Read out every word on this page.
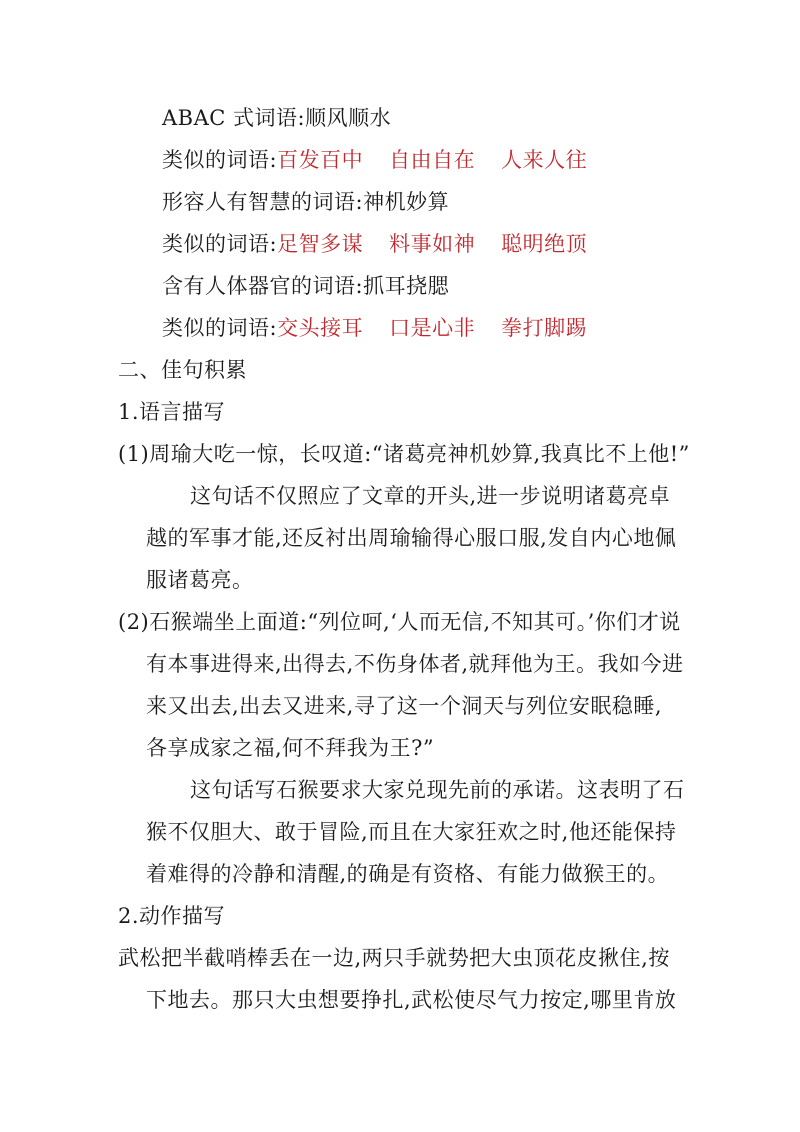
ABAC 式词语:顺风顺水
类似的词语:百发百中 自由自在 人来人往
形容人有智慧的词语:神机妙算
类似的词语:足智多谋 料事如神 聪明绝顶
含有人体器官的词语:抓耳挠腮
类似的词语:交头接耳 口是心非 拳打脚踢
二、佳句积累
1.语言描写
(1)周瑜大吃一惊，长叹道:“诸葛亮神机妙算,我真比不上他!”
这句话不仅照应了文章的开头,进一步说明诸葛亮卓
越的军事才能,还反衬出周瑜输得心服口服,发自内心地佩
服诸葛亮。
(2)石猴端坐上面道:“列位呵,‘人而无信,不知其可。’你们才说
有本事进得来,出得去,不伤身体者,就拜他为王。我如今进
来又出去,出去又进来,寻了这一个洞天与列位安眠稳睡,
各享成家之福,何不拜我为王?”
这句话写石猴要求大家兑现先前的承诺。这表明了石
猴不仅胆大、敢于冒险,而且在大家狂欢之时,他还能保持
着难得的冷静和清醒,的确是有资格、有能力做猴王的。
2.动作描写
武松把半截哨棒丢在一边,两只手就势把大虫顶花皮揪住,按
下地去。那只大虫想要挣扎,武松使尽气力按定,哪里肯放
